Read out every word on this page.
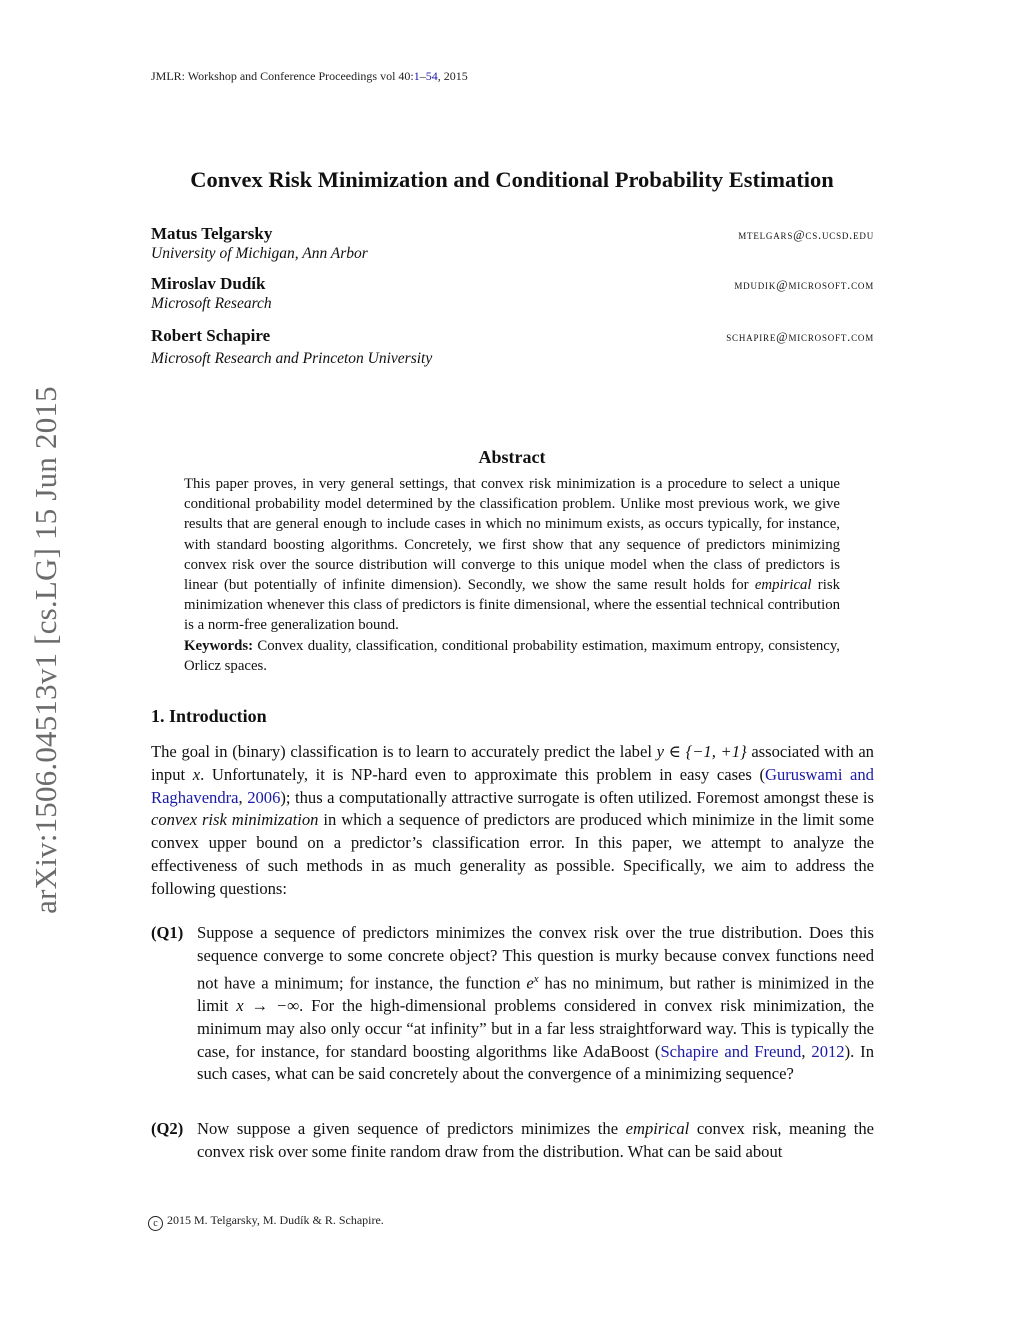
JMLR: Workshop and Conference Proceedings vol 40:1–54, 2015
arXiv:1506.04513v1 [cs.LG] 15 Jun 2015
Convex Risk Minimization and Conditional Probability Estimation
Matus Telgarsky	mtelgars@cs.ucsd.edu
University of Michigan, Ann Arbor
Miroslav Dudík	mdudik@microsoft.com
Microsoft Research
Robert Schapire	schapire@microsoft.com
Microsoft Research and Princeton University
Abstract

This paper proves, in very general settings, that convex risk minimization is a procedure to select a unique conditional probability model determined by the classification problem. Unlike most previous work, we give results that are general enough to include cases in which no minimum exists, as occurs typically, for instance, with standard boosting algorithms. Concretely, we first show that any sequence of predictors minimizing convex risk over the source distribution will converge to this unique model when the class of predictors is linear (but potentially of infinite dimension). Secondly, we show the same result holds for empirical risk minimization whenever this class of predictors is finite dimensional, where the essential technical contribution is a norm-free generalization bound.

Keywords: Convex duality, classification, conditional probability estimation, maximum entropy, consistency, Orlicz spaces.

1. Introduction

The goal in (binary) classification is to learn to accurately predict the label y ∈ {−1, +1} associated with an input x. Unfortunately, it is NP-hard even to approximate this problem in easy cases (Guruswami and Raghavendra, 2006); thus a computationally attractive surrogate is often utilized. Foremost amongst these is convex risk minimization in which a sequence of predictors are produced which minimize in the limit some convex upper bound on a predictor’s classification error. In this paper, we attempt to analyze the effectiveness of such methods in as much generality as possible. Specifically, we aim to address the following questions:

(Q1) Suppose a sequence of predictors minimizes the convex risk over the true distribution. Does this sequence converge to some concrete object? This question is murky because convex functions need not have a minimum; for instance, the function $e^x$ has no minimum, but rather is minimized in the limit x → −∞. For the high-dimensional problems considered in convex risk minimization, the minimum may also only occur “at infinity” but in a far less straightforward way. This is typically the case, for instance, for standard boosting algorithms like AdaBoost (Schapire and Freund, 2012). In such cases, what can be said concretely about the convergence of a minimizing sequence?

(Q2) Now suppose a given sequence of predictors minimizes the empirical convex risk, meaning the convex risk over some finite random draw from the distribution. What can be said about

c 2015 M. Telgarsky, M. Dudík & R. Schapire.
